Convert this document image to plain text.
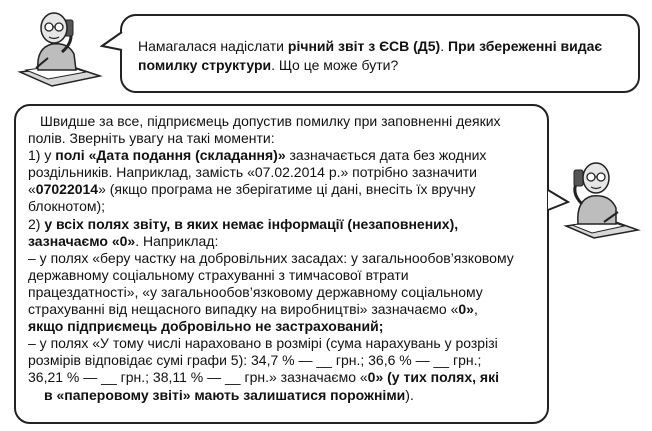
Намагалася надіслати річний звіт з ЄСВ (Д5). При збереженні видає помилку структури. Що це може бути?
Швидше за все, підприємець допустив помилку при заповненні деяких
полів. Зверніть увагу на такі моменти:
1) у полі «Дата подання (складання)» зазначається дата без жодних
роздільників. Наприклад, замість «07.02.2014 р.» потрібно зазначити
«07022014» (якщо програма не зберігатиме ці дані, внесіть їх вручну
блокнотом);
2) у всіх полях звіту, в яких немає інформації (незаповнених),
зазначаємо «0». Наприклад:
– у полях «беру частку на добровільних засадах: у загальнообов’язковому
державному соціальному страхуванні з тимчасової втрати
працездатності», «у загальнообов’язковому державному соціальному
страхуванні від нещасного випадку на виробництві» зазначаємо «0»,
якщо підприємець добровільно не застрахований;
– у полях «У тому числі нараховано в розмірі (сума нарахувань у розрізі
розмірів відповідає сумі графи 5): 34,7 % — __ грн.; 36,6 % — __ грн.;
36,21 % — __ грн.; 38,11 % — __ грн.» зазначаємо «0» (у тих полях, які
в «паперовому звіті» мають залишатися порожніми).
